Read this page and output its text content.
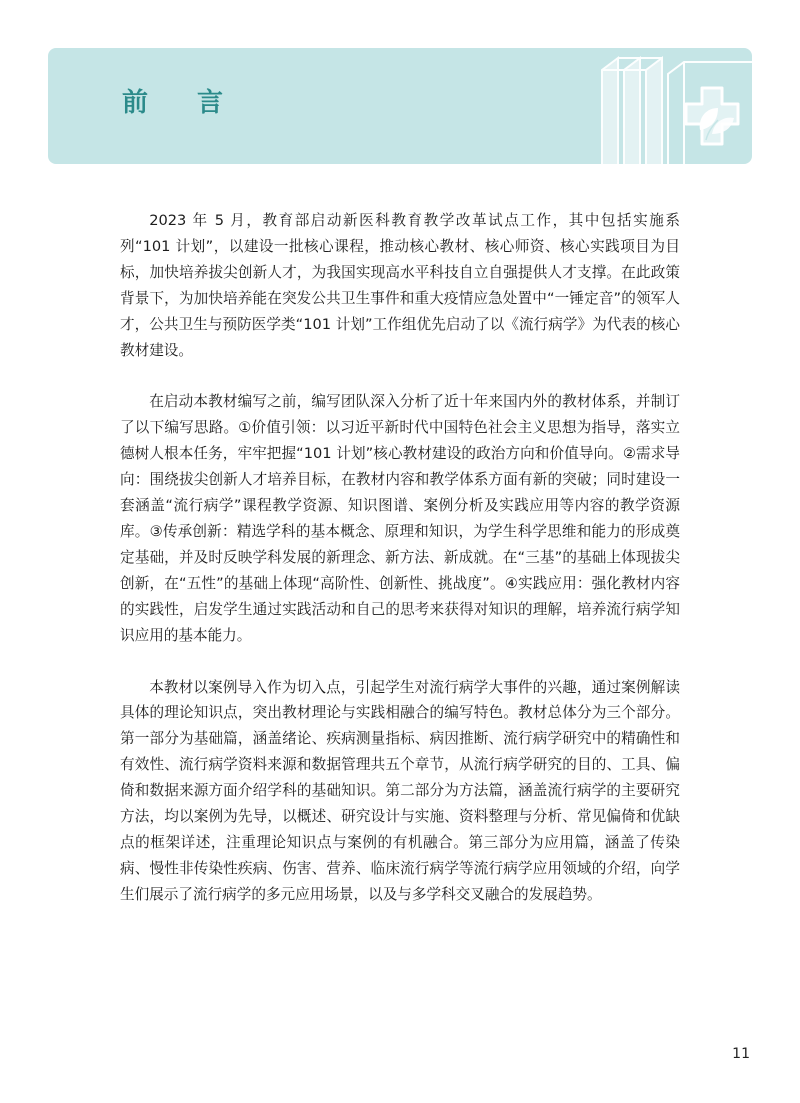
前 言

2023 年 5 月，教育部启动新医科教育教学改革试点工作，其中包括实施系列“101 计划”，以建设一批核心课程，推动核心教材、核心师资、核心实践项目为目标，加快培养拔尖创新人才，为我国实现高水平科技自立自强提供人才支撑。在此政策背景下，为加快培养能在突发公共卫生事件和重大疫情应急处置中“一锤定音”的领军人才，公共卫生与预防医学类“101 计划”工作组优先启动了以《流行病学》为代表的核心教材建设。

在启动本教材编写之前，编写团队深入分析了近十年来国内外的教材体系，并制订了以下编写思路。①价值引领：以习近平新时代中国特色社会主义思想为指导，落实立德树人根本任务，牢牢把握“101 计划”核心教材建设的政治方向和价值导向。②需求导向：围绕拔尖创新人才培养目标，在教材内容和教学体系方面有新的突破；同时建设一套涵盖“流行病学”课程教学资源、知识图谱、案例分析及实践应用等内容的教学资源库。③传承创新：精选学科的基本概念、原理和知识，为学生科学思维和能力的形成奠定基础，并及时反映学科发展的新理念、新方法、新成就。在“三基”的基础上体现拔尖创新，在“五性”的基础上体现“高阶性、创新性、挑战度”。④实践应用：强化教材内容的实践性，启发学生通过实践活动和自己的思考来获得对知识的理解，培养流行病学知识应用的基本能力。

本教材以案例导入作为切入点，引起学生对流行病学大事件的兴趣，通过案例解读具体的理论知识点，突出教材理论与实践相融合的编写特色。教材总体分为三个部分。第一部分为基础篇，涵盖绪论、疾病测量指标、病因推断、流行病学研究中的精确性和有效性、流行病学资料来源和数据管理共五个章节，从流行病学研究的目的、工具、偏倚和数据来源方面介绍学科的基础知识。第二部分为方法篇，涵盖流行病学的主要研究方法，均以案例为先导，以概述、研究设计与实施、资料整理与分析、常见偏倚和优缺点的框架详述，注重理论知识点与案例的有机融合。第三部分为应用篇，涵盖了传染病、慢性非传染性疾病、伤害、营养、临床流行病学等流行病学应用领域的介绍，向学生们展示了流行病学的多元应用场景，以及与多学科交叉融合的发展趋势。

11
